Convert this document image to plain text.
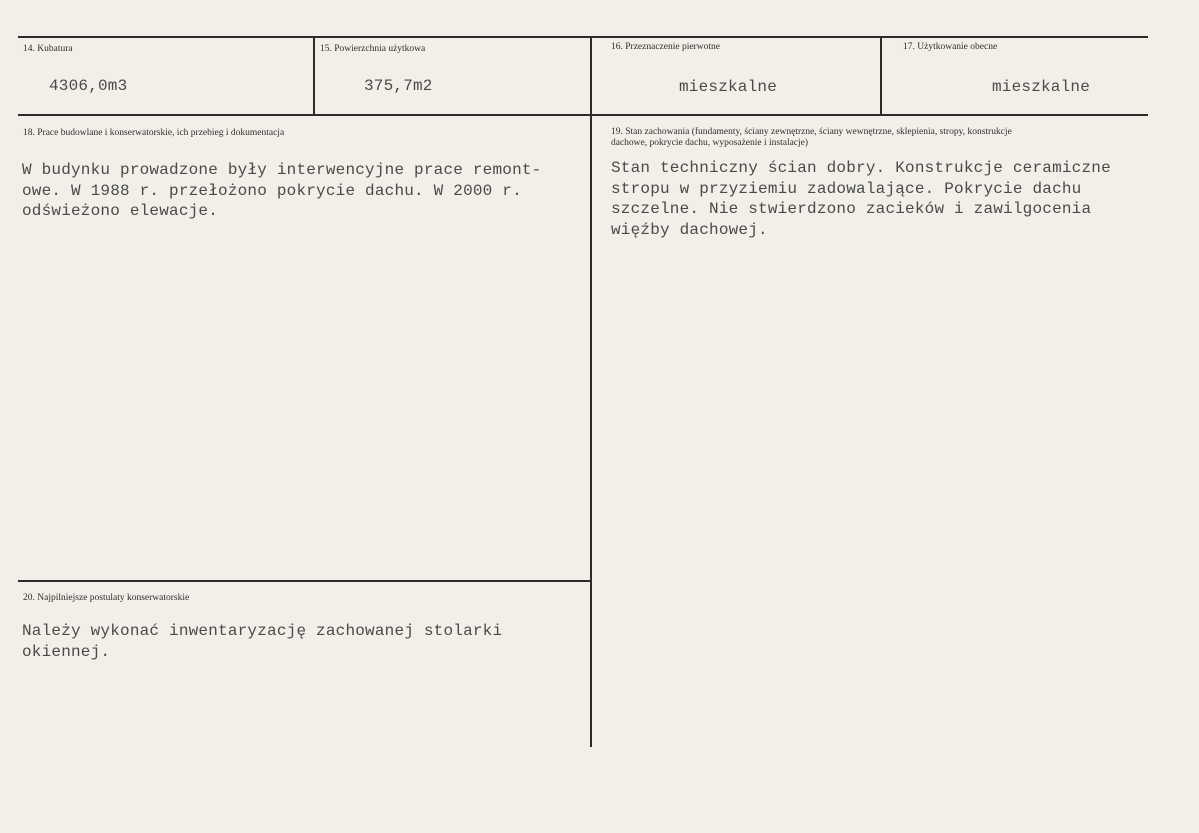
14. Kubatura
4306,0m3
15. Powierzchnia użytkowa
375,7m2
16. Przeznaczenie pierwotne
mieszkalne
17. Użytkowanie obecne
mieszkalne
18. Prace budowlane i konserwatorskie, ich przebieg i dokumentacja
W budynku prowadzone były interwencyjne prace remont-
owe. W 1988 r. przełożono pokrycie dachu. W 2000 r.
odświeżono elewacje.
19. Stan zachowania (fundamenty, ściany zewnętrzne, ściany wewnętrzne, sklepienia, stropy, konstrukcje
dachowe, pokrycie dachu, wyposażenie i instalacje)
Stan techniczny ścian dobry. Konstrukcje ceramiczne
stropu w przyziemiu zadowalające. Pokrycie dachu
szczelne. Nie stwierdzono zacieków i zawilgocenia
więźby dachowej.
20. Najpilniejsze postulaty konserwatorskie
Należy wykonać inwentaryzację zachowanej stolarki
okiennej.
